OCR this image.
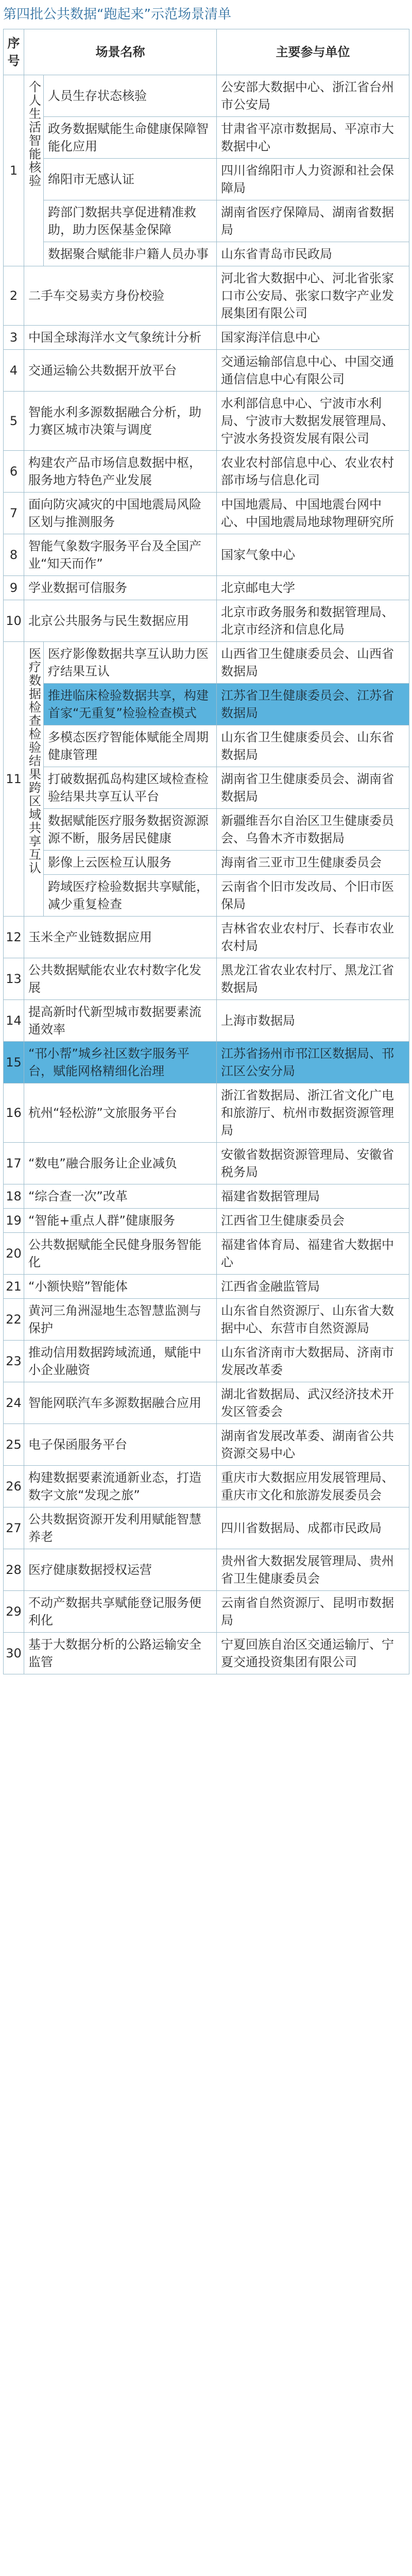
第四批公共数据“跑起来”示范场景清单
序号	场景名称		主要参与单位
1	个人生活智能核验	人员生存状态核验	公安部大数据中心、浙江省台州市公安局
		政务数据赋能生命健康保障智能化应用	甘肃省平凉市数据局、平凉市大数据中心
		绵阳市无感认证	四川省绵阳市人力资源和社会保障局
		跨部门数据共享促进精准救助，助力医保基金保障	湖南省医疗保障局、湖南省数据局
		数据聚合赋能非户籍人员办事	山东省青岛市民政局
2	二手车交易卖方身份校验		河北省大数据中心、河北省张家口市公安局、张家口数字产业发展集团有限公司
3	中国全球海洋水文气象统计分析		国家海洋信息中心
4	交通运输公共数据开放平台		交通运输部信息中心、中国交通通信信息中心有限公司
5	智能水利多源数据融合分析，助力赛区城市决策与调度		水利部信息中心、宁波市水利局、宁波市大数据发展管理局、宁波水务投资发展有限公司
6	构建农产品市场信息数据中枢，服务地方特色产业发展		农业农村部信息中心、农业农村部市场与信息化司
7	面向防灾减灾的中国地震局风险区划与推测服务		中国地震局、中国地震台网中心、中国地震局地球物理研究所
8	智能气象数字服务平台及全国产业“知天而作”		国家气象中心
9	学业数据可信服务		北京邮电大学
10	北京公共服务与民生数据应用		北京市政务服务和数据管理局、北京市经济和信息化局
11	医疗数据检查检验结果跨区域共享互认	医疗影像数据共享互认助力医疗结果互认	山西省卫生健康委员会、山西省数据局
		推进临床检验数据共享，构建首家“无重复”检验检查模式	江苏省卫生健康委员会、江苏省数据局
		多模态医疗智能体赋能全周期健康管理	山东省卫生健康委员会、山东省数据局
		打破数据孤岛构建区域检查检验结果共享互认平台	湖南省卫生健康委员会、湖南省数据局
		数据赋能医疗服务数据资源源源不断，服务居民健康	新疆维吾尔自治区卫生健康委员会、乌鲁木齐市数据局
		影像上云医检互认服务	海南省三亚市卫生健康委员会
		跨域医疗检验数据共享赋能，减少重复检查	云南省个旧市发改局、个旧市医保局
12	玉米全产业链数据应用		吉林省农业农村厅、长春市农业农村局
13	公共数据赋能农业农村数字化发展		黑龙江省农业农村厅、黑龙江省数据局
14	提高新时代新型城市数据要素流通效率		上海市数据局
15	“邗小帮”城乡社区数字服务平台，赋能网格精细化治理		江苏省扬州市邗江区数据局、邗江区公安分局
16	杭州“轻松游”文旅服务平台		浙江省数据局、浙江省文化广电和旅游厅、杭州市数据资源管理局
17	“数电”融合服务让企业减负		安徽省数据资源管理局、安徽省税务局
18	“综合查一次”改革		福建省数据管理局
19	“智能+重点人群”健康服务		江西省卫生健康委员会
20	公共数据赋能全民健身服务智能化		福建省体育局、福建省大数据中心
21	“小额快赔”智能体		江西省金融监管局
22	黄河三角洲湿地生态智慧监测与保护		山东省自然资源厅、山东省大数据中心、东营市自然资源局
23	推动信用数据跨域流通，赋能中小企业融资		山东省济南市大数据局、济南市发展改革委
24	智能网联汽车多源数据融合应用		湖北省数据局、武汉经济技术开发区管委会
25	电子保函服务平台		湖南省发展改革委、湖南省公共资源交易中心
26	构建数据要素流通新业态，打造数字文旅“发现之旅”		重庆市大数据应用发展管理局、重庆市文化和旅游发展委员会
27	公共数据资源开发利用赋能智慧养老		四川省数据局、成都市民政局
28	医疗健康数据授权运营		贵州省大数据发展管理局、贵州省卫生健康委员会
29	不动产数据共享赋能登记服务便利化		云南省自然资源厅、昆明市数据局
30	基于大数据分析的公路运输安全监管		宁夏回族自治区交通运输厅、宁夏交通投资集团有限公司
